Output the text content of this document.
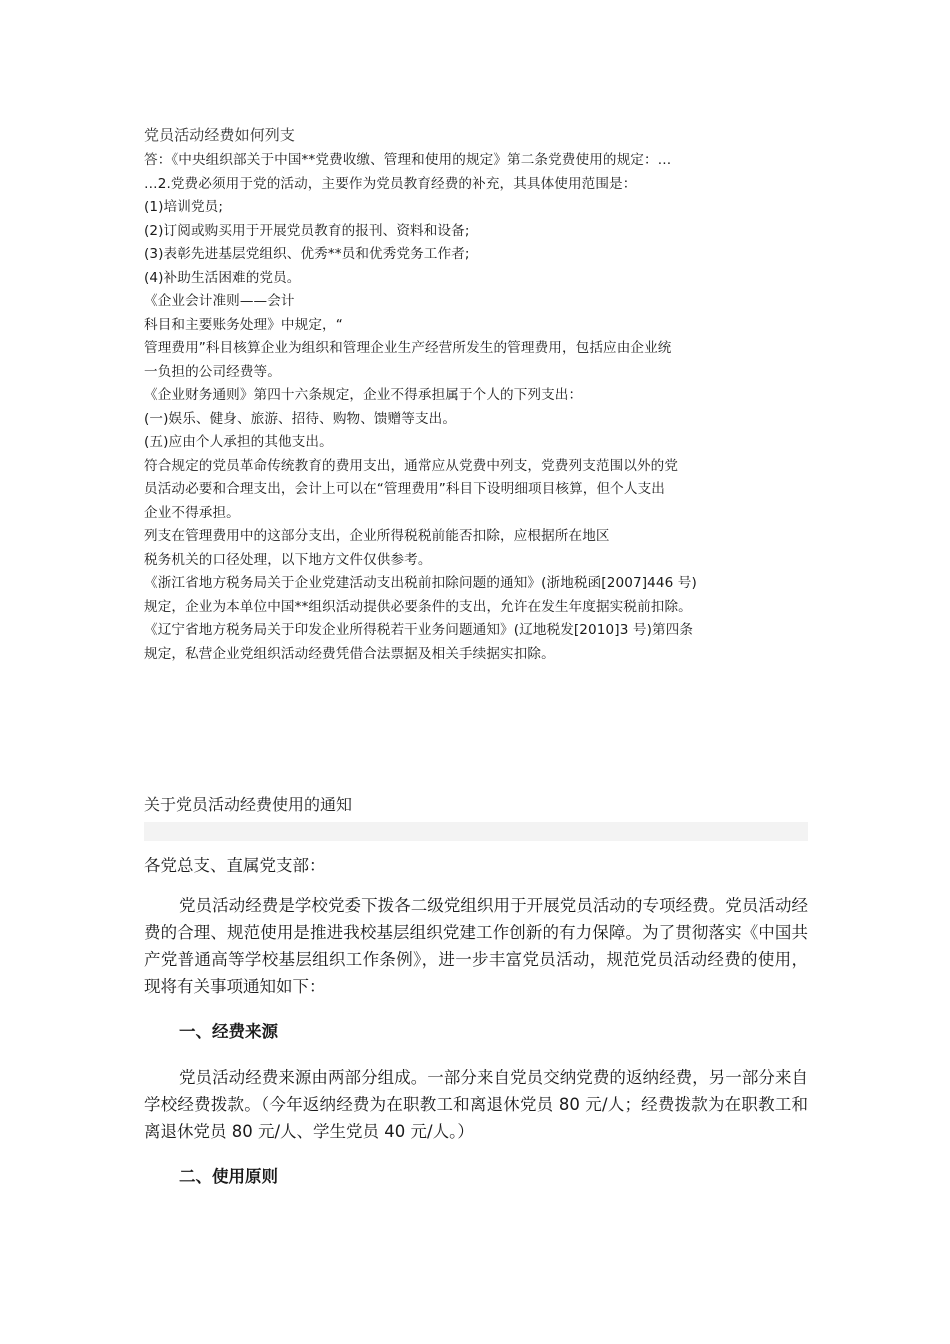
党员活动经费如何列支
答：《中央组织部关于中国**党费收缴、管理和使用的规定》第二条党费使用的规定：…
…2.党费必须用于党的活动，主要作为党员教育经费的补充，其具体使用范围是：
(1)培训党员;
(2)订阅或购买用于开展党员教育的报刊、资料和设备;
(3)表彰先进基层党组织、优秀**员和优秀党务工作者;
(4)补助生活困难的党员。
《企业会计准则——会计
科目和主要账务处理》中规定，“
管理费用”科目核算企业为组织和管理企业生产经营所发生的管理费用，包括应由企业统
一负担的公司经费等。
《企业财务通则》第四十六条规定，企业不得承担属于个人的下列支出：
(一)娱乐、健身、旅游、招待、购物、馈赠等支出。
(五)应由个人承担的其他支出。
符合规定的党员革命传统教育的费用支出，通常应从党费中列支，党费列支范围以外的党
员活动必要和合理支出，会计上可以在“管理费用”科目下设明细项目核算，但个人支出
企业不得承担。
列支在管理费用中的这部分支出，企业所得税税前能否扣除，应根据所在地区
税务机关的口径处理，以下地方文件仅供参考。
《浙江省地方税务局关于企业党建活动支出税前扣除问题的通知》(浙地税函[2007]446 号)
规定，企业为本单位中国**组织活动提供必要条件的支出，允许在发生年度据实税前扣除。
《辽宁省地方税务局关于印发企业所得税若干业务问题通知》(辽地税发[2010]3 号)第四条
规定，私营企业党组织活动经费凭借合法票据及相关手续据实扣除。
关于党员活动经费使用的通知
各党总支、直属党支部：
党员活动经费是学校党委下拨各二级党组织用于开展党员活动的专项经费。党员活动经费的合理、规范使用是推进我校基层组织党建工作创新的有力保障。为了贯彻落实《中国共产党普通高等学校基层组织工作条例》，进一步丰富党员活动，规范党员活动经费的使用，现将有关事项通知如下：
一、经费来源
党员活动经费来源由两部分组成。一部分来自党员交纳党费的返纳经费，另一部分来自学校经费拨款。（今年返纳经费为在职教工和离退休党员 80 元/人；经费拨款为在职教工和离退休党员 80 元/人、学生党员 40 元/人。）
二、使用原则
